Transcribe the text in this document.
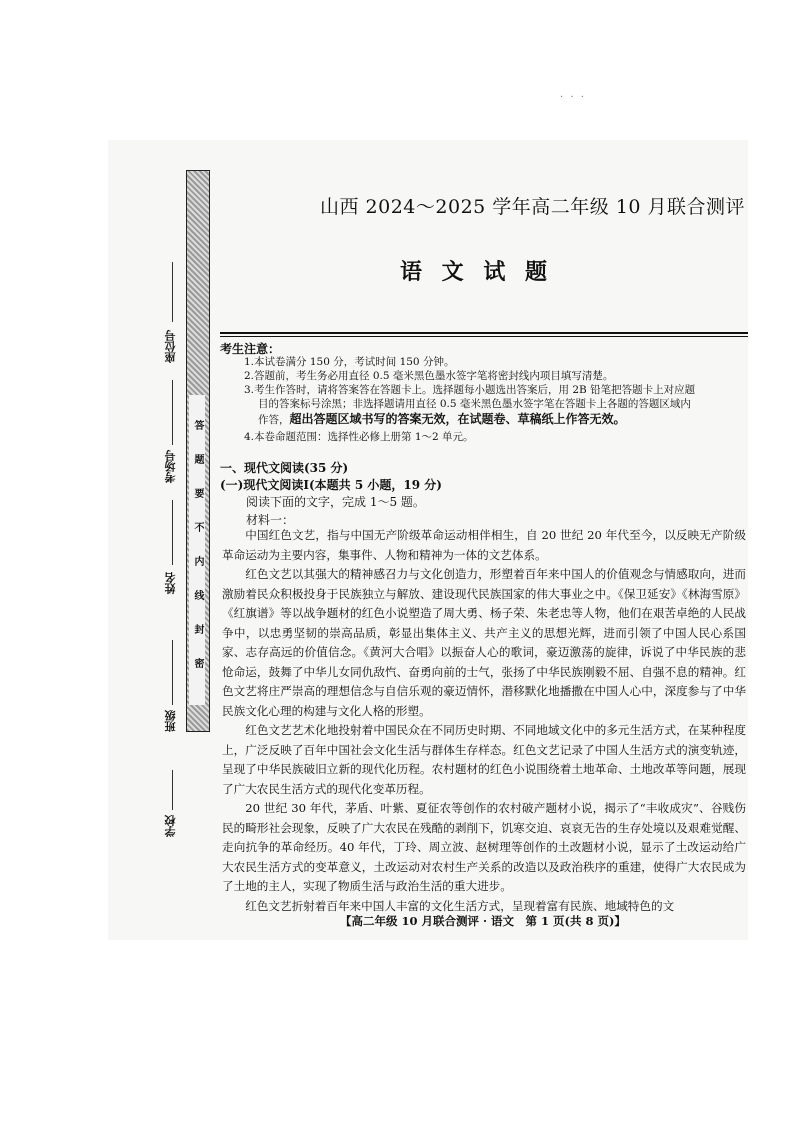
· · ·
答
题
要
不
内
线
封
密
座位号
考场号
姓名
班级
学校
山西 2024～2025 学年高二年级 10 月联合测评
语 文 试 题
考生注意：
1.本试卷满分 150 分，考试时间 150 分钟。
2.答题前，考生务必用直径 0.5 毫米黑色墨水签字笔将密封线内项目填写清楚。
3.考生作答时，请将答案答在答题卡上。选择题每小题选出答案后，用 2B 铅笔把答题卡上对应题
目的答案标号涂黑；非选择题请用直径 0.5 毫米黑色墨水签字笔在答题卡上各题的答题区域内
作答，超出答题区域书写的答案无效，在试题卷、草稿纸上作答无效。
4.本卷命题范围：选择性必修上册第 1～2 单元。
一、现代文阅读(35 分)
(一)现代文阅读Ⅰ(本题共 5 小题，19 分)
阅读下面的文字，完成 1～5 题。
材料一：

中国红色文艺，指与中国无产阶级革命运动相伴相生，自 20 世纪 20 年代至今，以反映无产阶级革命运动为主要内容，集事件、人物和精神为一体的文艺体系。

红色文艺以其强大的精神感召力与文化创造力，形塑着百年来中国人的价值观念与情感取向，进而激励着民众积极投身于民族独立与解放、建设现代民族国家的伟大事业之中。《保卫延安》《林海雪原》《红旗谱》等以战争题材的红色小说塑造了周大勇、杨子荣、朱老忠等人物，他们在艰苦卓绝的人民战争中，以忠勇坚韧的崇高品质，彰显出集体主义、共产主义的思想光辉，进而引领了中国人民心系国家、志存高远的价值信念。《黄河大合唱》以振奋人心的歌词，豪迈激荡的旋律，诉说了中华民族的悲怆命运，鼓舞了中华儿女同仇敌忾、奋勇向前的士气，张扬了中华民族刚毅不屈、自强不息的精神。红色文艺将庄严崇高的理想信念与自信乐观的豪迈情怀，潜移默化地播撒在中国人心中，深度参与了中华民族文化心理的构建与文化人格的形塑。

红色文艺艺术化地投射着中国民众在不同历史时期、不同地域文化中的多元生活方式，在某种程度上，广泛反映了百年中国社会文化生活与群体生存样态。红色文艺记录了中国人生活方式的演变轨迹，呈现了中华民族破旧立新的现代化历程。农村题材的红色小说围绕着土地革命、土地改革等问题，展现了广大农民生活方式的现代化变革历程。

20 世纪 30 年代，茅盾、叶紫、夏征农等创作的农村破产题材小说，揭示了“丰收成灾”、谷贱伤民的畸形社会现象，反映了广大农民在残酷的剥削下，饥寒交迫、哀哀无告的生存处境以及艰难觉醒、走向抗争的革命经历。40 年代，丁玲、周立波、赵树理等创作的土改题材小说，显示了土改运动给广大农民生活方式的变革意义，土改运动对农村生产关系的改造以及政治秩序的重建，使得广大农民成为了土地的主人，实现了物质生活与政治生活的重大进步。

红色文艺折射着百年来中国人丰富的文化生活方式，呈现着富有民族、地域特色的文

【高二年级 10 月联合测评 · 语文　第 1 页(共 8 页)】
